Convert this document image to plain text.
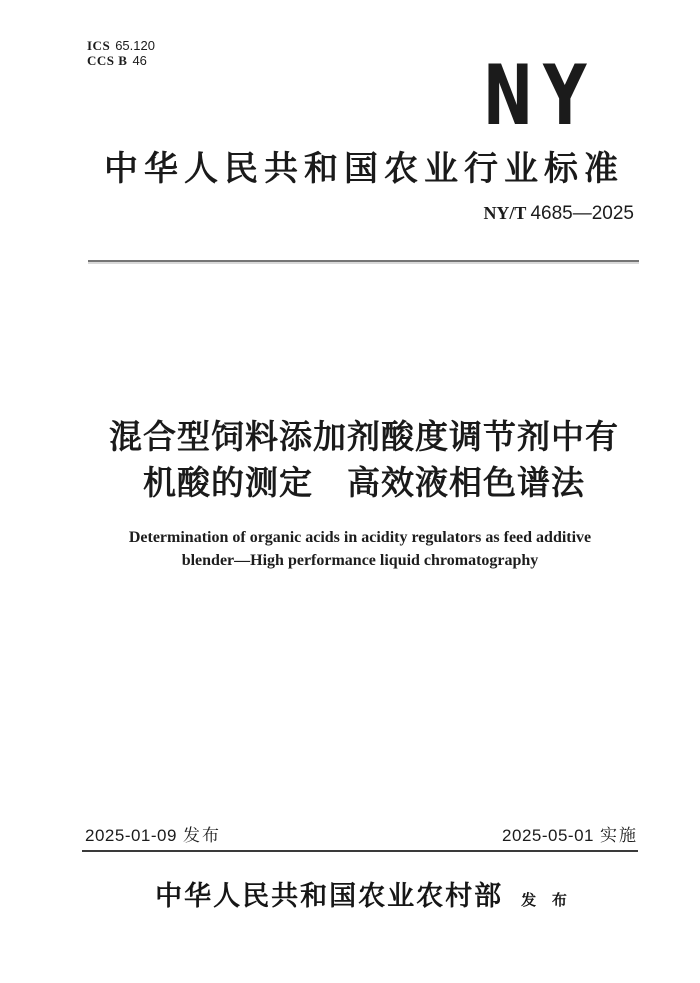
ICS 65.120
CCS B 46	NY
中华人民共和国农业行业标准
NY/T 4685—2025
混合型饲料添加剂酸度调节剂中有
机酸的测定　高效液相色谱法
Determination of organic acids in acidity regulators as feed additive
blender—High performance liquid chromatography
2025-01-09 发布	2025-05-01 实施
中华人民共和国农业农村部 发 布
